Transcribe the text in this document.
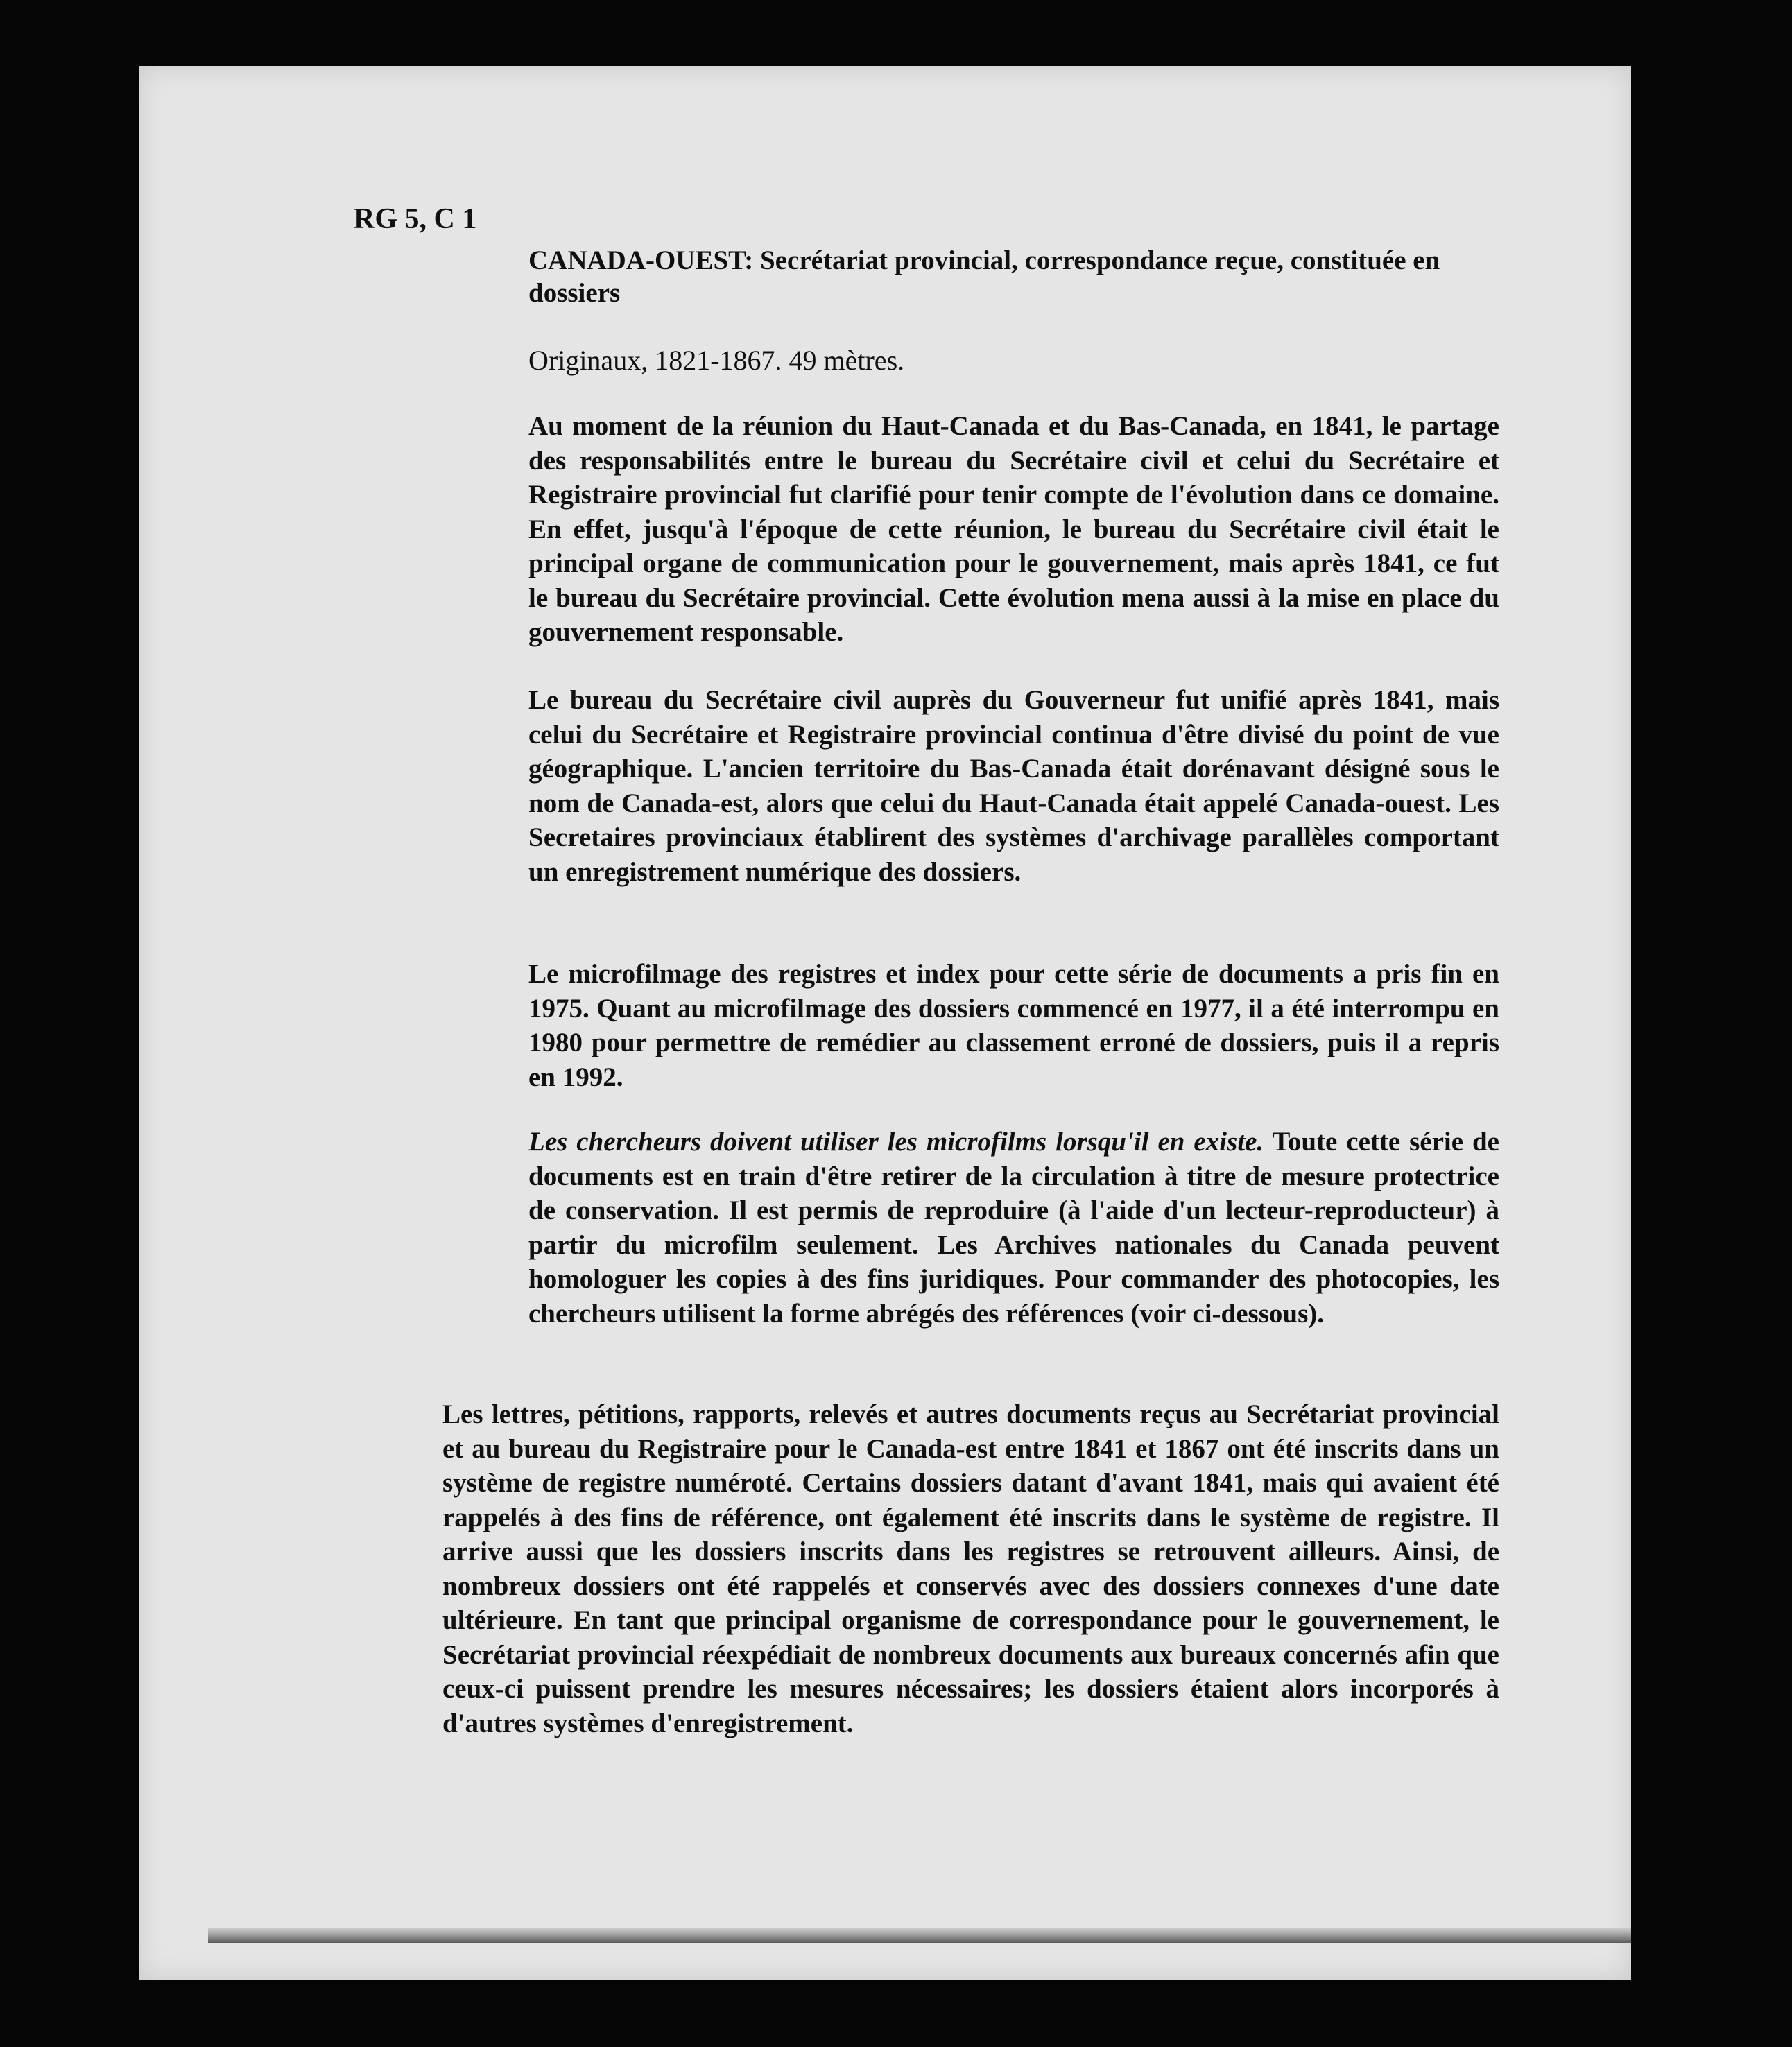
RG 5, C 1
CANADA-OUEST: Secrétariat provincial, correspondance reçue, constituée en dossiers
Originaux, 1821-1867. 49 mètres.

Au moment de la réunion du Haut-Canada et du Bas-Canada, en 1841, le partage des responsabilités entre le bureau du Secrétaire civil et celui du Secrétaire et Registraire provincial fut clarifié pour tenir compte de l'évolution dans ce domaine. En effet, jusqu'à l'époque de cette réunion, le bureau du Secrétaire civil était le principal organe de communication pour le gouvernement, mais après 1841, ce fut le bureau du Secrétaire provincial. Cette évolution mena aussi à la mise en place du gouvernement responsable.

Le bureau du Secrétaire civil auprès du Gouverneur fut unifié après 1841, mais celui du Secrétaire et Registraire provincial continua d'être divisé du point de vue géographique. L'ancien territoire du Bas-Canada était dorénavant désigné sous le nom de Canada-est, alors que celui du Haut-Canada était appelé Canada-ouest. Les Secretaires provinciaux établirent des systèmes d'archivage parallèles comportant un enregistrement numérique des dossiers.

Le microfilmage des registres et index pour cette série de documents a pris fin en 1975. Quant au microfilmage des dossiers commencé en 1977, il a été interrompu en 1980 pour permettre de remédier au classement erroné de dossiers, puis il a repris en 1992.

Les chercheurs doivent utiliser les microfilms lorsqu'il en existe. Toute cette série de documents est en train d'être retirer de la circulation à titre de mesure protectrice de conservation. Il est permis de reproduire (à l'aide d'un lecteur-reproducteur) à partir du microfilm seulement. Les Archives nationales du Canada peuvent homologuer les copies à des fins juridiques. Pour commander des photocopies, les chercheurs utilisent la forme abrégés des références (voir ci-dessous).

Les lettres, pétitions, rapports, relevés et autres documents reçus au Secrétariat provincial et au bureau du Registraire pour le Canada-est entre 1841 et 1867 ont été inscrits dans un système de registre numéroté. Certains dossiers datant d'avant 1841, mais qui avaient été rappelés à des fins de référence, ont également été inscrits dans le système de registre. Il arrive aussi que les dossiers inscrits dans les registres se retrouvent ailleurs. Ainsi, de nombreux dossiers ont été rappelés et conservés avec des dossiers connexes d'une date ultérieure. En tant que principal organisme de correspondance pour le gouvernement, le Secrétariat provincial réexpédiait de nombreux documents aux bureaux concernés afin que ceux-ci puissent prendre les mesures nécessaires; les dossiers étaient alors incorporés à d'autres systèmes d'enregistrement.
